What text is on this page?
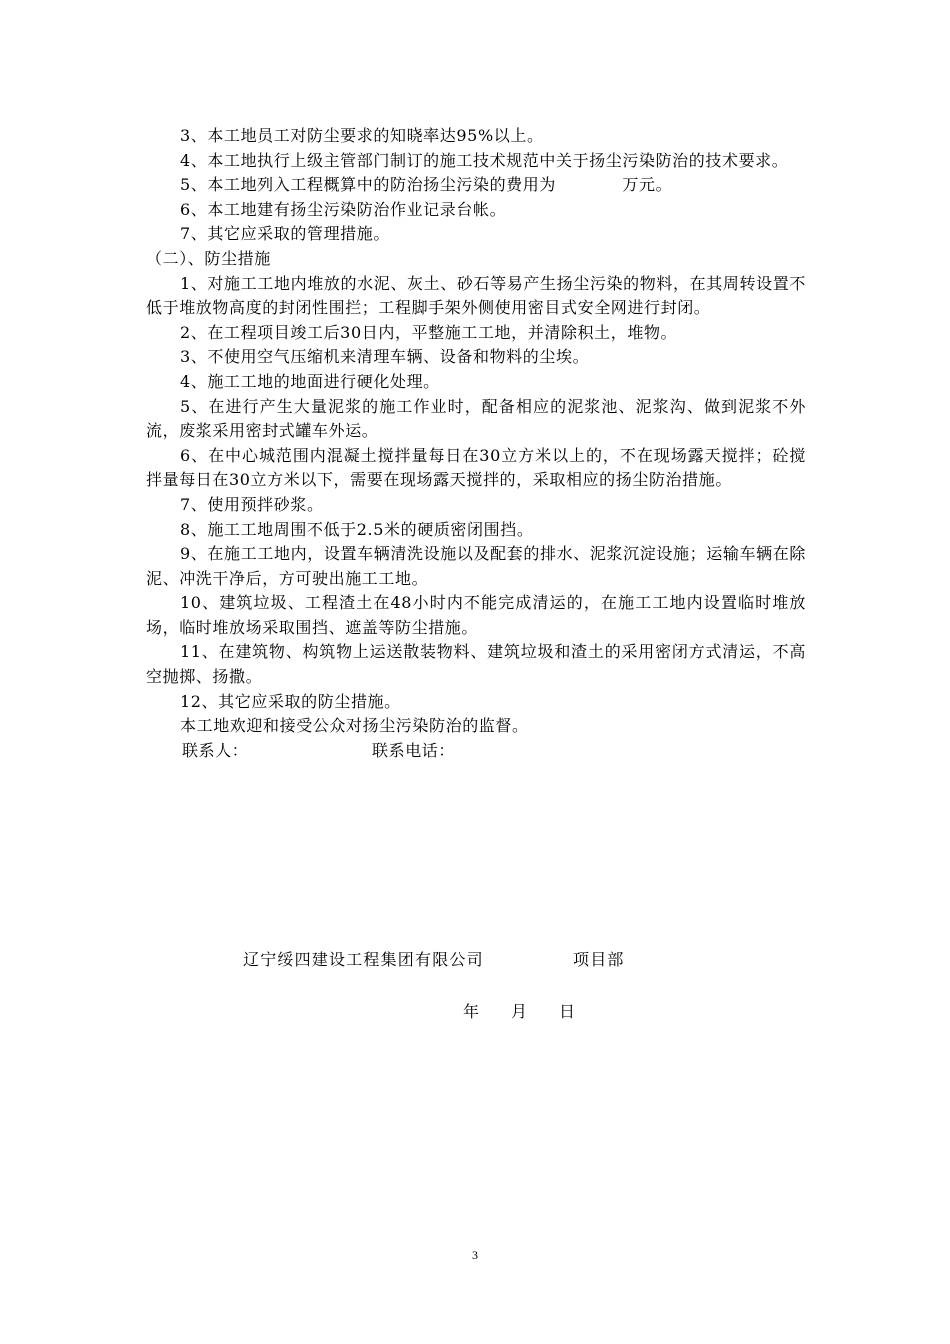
3、本工地员工对防尘要求的知晓率达95%以上。

4、本工地执行上级主管部门制订的施工技术规范中关于扬尘污染防治的技术要求。

5、本工地列入工程概算中的防治扬尘污染的费用为　　　　万元。

6、本工地建有扬尘污染防治作业记录台帐。

7、其它应采取的管理措施。

（二）、防尘措施

1、对施工工地内堆放的水泥、灰土、砂石等易产生扬尘污染的物料，在其周转设置不低于堆放物高度的封闭性围拦；工程脚手架外侧使用密目式安全网进行封闭。

2、在工程项目竣工后30日内，平整施工工地，并清除积土，堆物。

3、不使用空气压缩机来清理车辆、设备和物料的尘埃。

4、施工工地的地面进行硬化处理。

5、在进行产生大量泥浆的施工作业时，配备相应的泥浆池、泥浆沟、做到泥浆不外流，废浆采用密封式罐车外运。

6、在中心城范围内混凝土搅拌量每日在30立方米以上的，不在现场露天搅拌；砼搅拌量每日在30立方米以下，需要在现场露天搅拌的，采取相应的扬尘防治措施。

7、使用预拌砂浆。

8、施工工地周围不低于2.5米的硬质密闭围挡。

9、在施工工地内，设置车辆清洗设施以及配套的排水、泥浆沉淀设施；运输车辆在除泥、冲洗干净后，方可驶出施工工地。

10、建筑垃圾、工程渣土在48小时内不能完成清运的，在施工工地内设置临时堆放场，临时堆放场采取围挡、遮盖等防尘措施。

11、在建筑物、构筑物上运送散装物料、建筑垃圾和渣土的采用密闭方式清运，不高空抛掷、扬撒。

12、其它应采取的防尘措施。

本工地欢迎和接受公众对扬尘污染防治的监督。

联系人：	联系电话：

辽宁绥四建设工程集团有限公司	项目部
年 月 日
3
